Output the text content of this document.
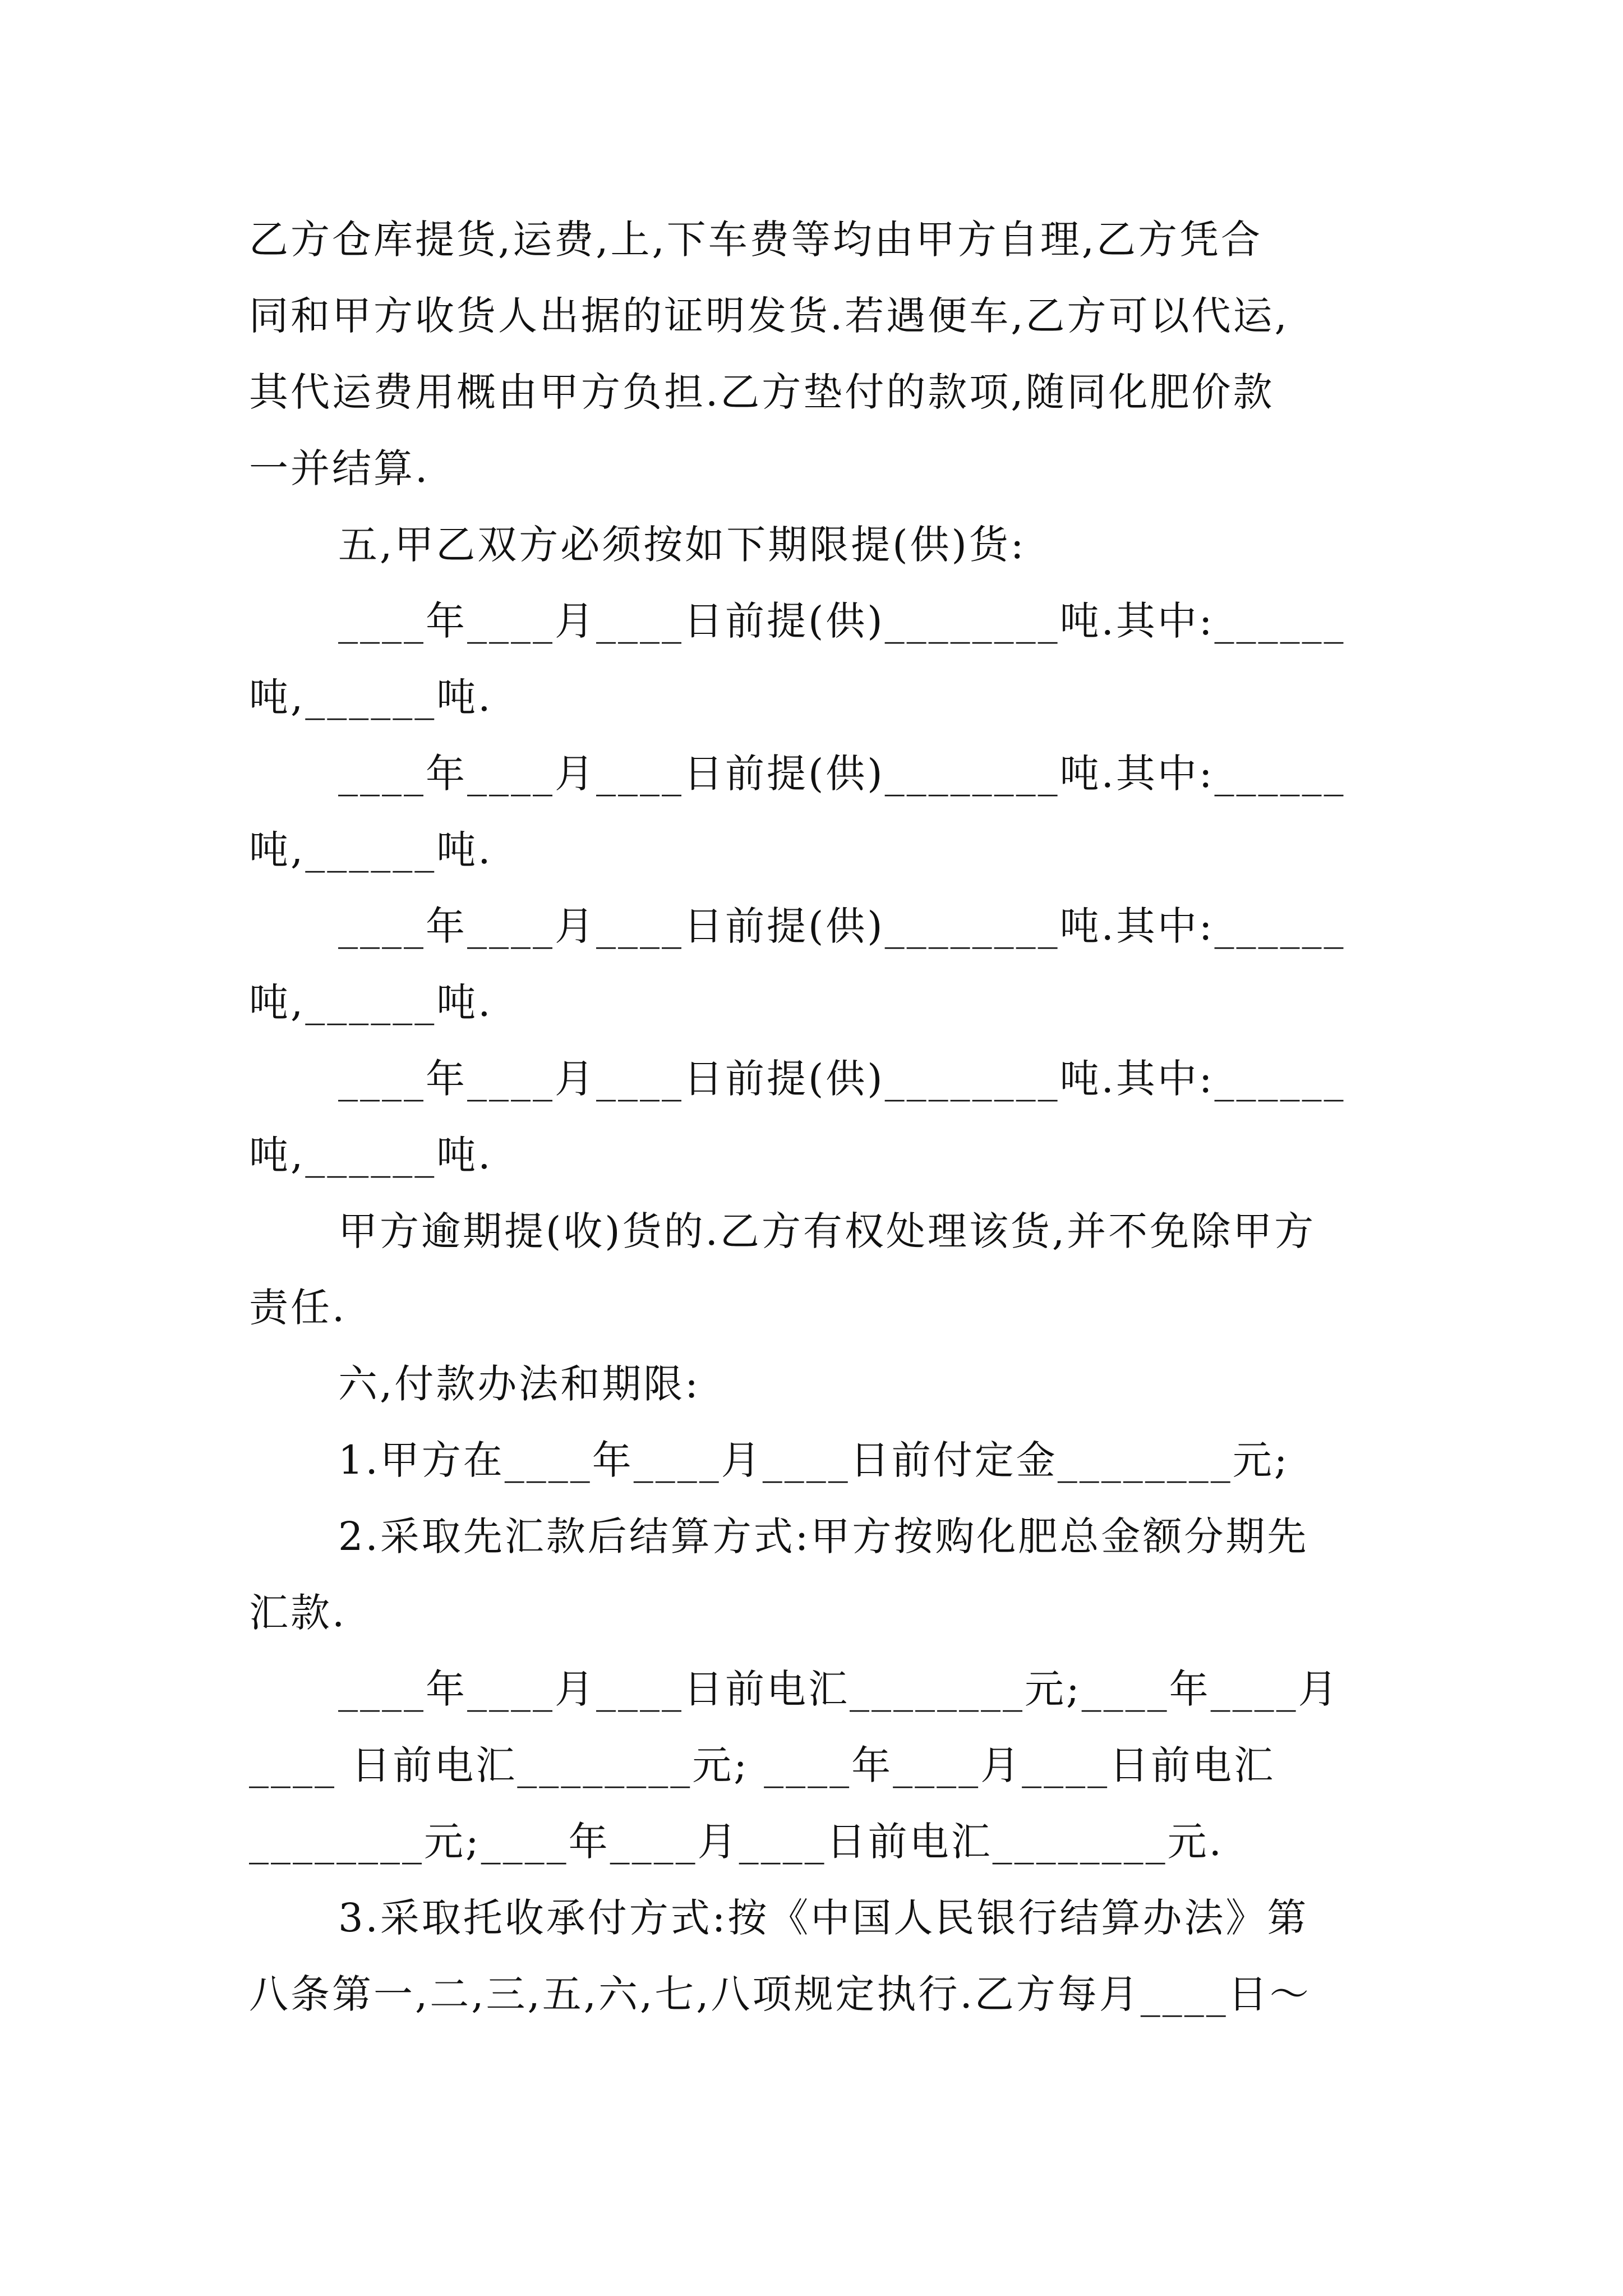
乙方仓库提货,运费,上,下车费等均由甲方自理,乙方凭合
同和甲方收货人出据的证明发货.若遇便车,乙方可以代运,
其代运费用概由甲方负担.乙方垫付的款项,随同化肥价款
一并结算.
五,甲乙双方必须按如下期限提(供)货:
____年____月____日前提(供)________吨.其中:______
吨,______吨.
____年____月____日前提(供)________吨.其中:______
吨,______吨.
____年____月____日前提(供)________吨.其中:______
吨,______吨.
____年____月____日前提(供)________吨.其中:______
吨,______吨.
甲方逾期提(收)货的.乙方有权处理该货,并不免除甲方
责任.
六,付款办法和期限:
1.甲方在____年____月____日前付定金________元;
2.采取先汇款后结算方式:甲方按购化肥总金额分期先
汇款.
____年____月____日前电汇________元;____年____月
____ 日前电汇________元; ____年____月____日前电汇
________元;____年____月____日前电汇________元.
3.采取托收承付方式:按《中国人民银行结算办法》第
八条第一,二,三,五,六,七,八项规定执行.乙方每月____日～
